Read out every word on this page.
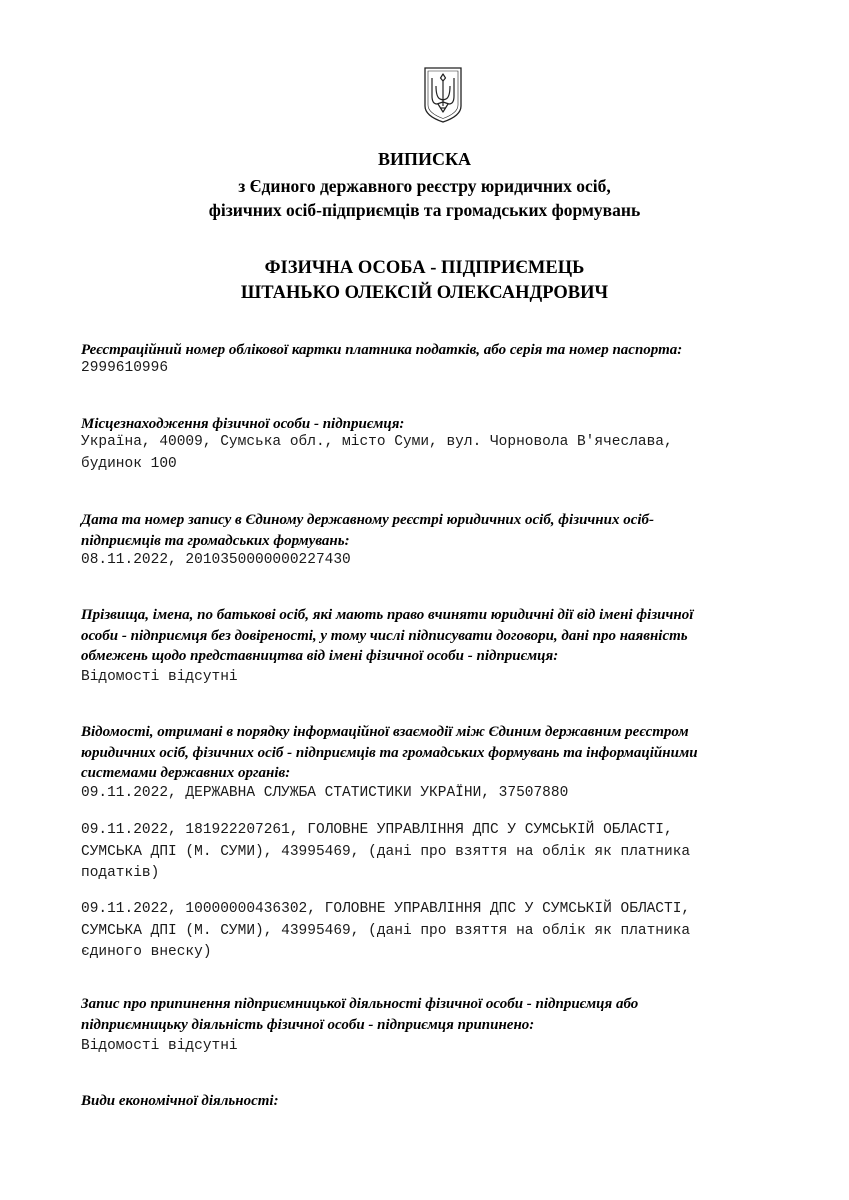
ВИПИСКА
з Єдиного державного реєстру юридичних осіб,
фізичних осіб-підприємців та громадських формувань
ФІЗИЧНА ОСОБА - ПІДПРИЄМЕЦЬ
ШТАНЬКО ОЛЕКСІЙ ОЛЕКСАНДРОВИЧ
Реєстраційний номер облікової картки платника податків, або серія та номер паспорта:
2999610996
Місцезнаходження фізичної особи - підприємця:
Україна, 40009, Сумська обл., місто Суми, вул. Чорновола В'ячеслава,
будинок 100
Дата та номер запису в Єдиному державному реєстрі юридичних осіб, фізичних осіб-
підприємців та громадських формувань:
08.11.2022, 2010350000000227430
Прізвища, імена, по батькові осіб, які мають право вчиняти юридичні дії від імені фізичної
особи - підприємця без довіреності, у тому числі підписувати договори, дані про наявність
обмежень щодо представництва від імені фізичної особи - підприємця:
Відомості відсутні
Відомості, отримані в порядку інформаційної взаємодії між Єдиним державним реєстром
юридичних осіб, фізичних осіб - підприємців та громадських формувань та інформаційними
системами державних органів:
09.11.2022, ДЕРЖАВНА СЛУЖБА СТАТИСТИКИ УКРАЇНИ, 37507880
09.11.2022, 181922207261, ГОЛОВНЕ УПРАВЛІННЯ ДПС У СУМСЬКІЙ ОБЛАСТІ,
СУМСЬКА ДПІ (М. СУМИ), 43995469, (дані про взяття на облік як платника
податків)
09.11.2022, 10000000436302, ГОЛОВНЕ УПРАВЛІННЯ ДПС У СУМСЬКІЙ ОБЛАСТІ,
СУМСЬКА ДПІ (М. СУМИ), 43995469, (дані про взяття на облік як платника
єдиного внеску)
Запис про припинення підприємницької діяльності фізичної особи - підприємця або
підприємницьку діяльність фізичної особи - підприємця припинено:
Відомості відсутні
Види економічної діяльності:
